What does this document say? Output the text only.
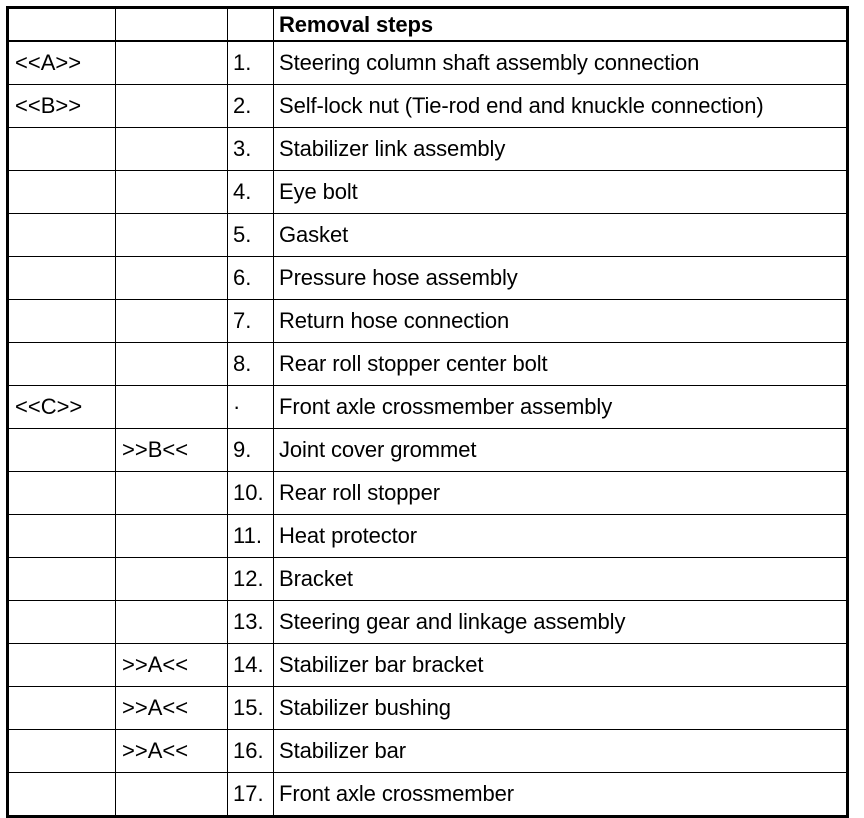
			Removal steps
<<A>>		1.	Steering column shaft assembly connection
<<B>>		2.	Self-lock nut (Tie-rod end and knuckle connection)
		3.	Stabilizer link assembly
		4.	Eye bolt
		5.	Gasket
		6.	Pressure hose assembly
		7.	Return hose connection
		8.	Rear roll stopper center bolt
<<C>>		·	Front axle crossmember assembly
	>>B<<	9.	Joint cover grommet
		10.	Rear roll stopper
		11.	Heat protector
		12.	Bracket
		13.	Steering gear and linkage assembly
	>>A<<	14.	Stabilizer bar bracket
	>>A<<	15.	Stabilizer bushing
	>>A<<	16.	Stabilizer bar
		17.	Front axle crossmember
